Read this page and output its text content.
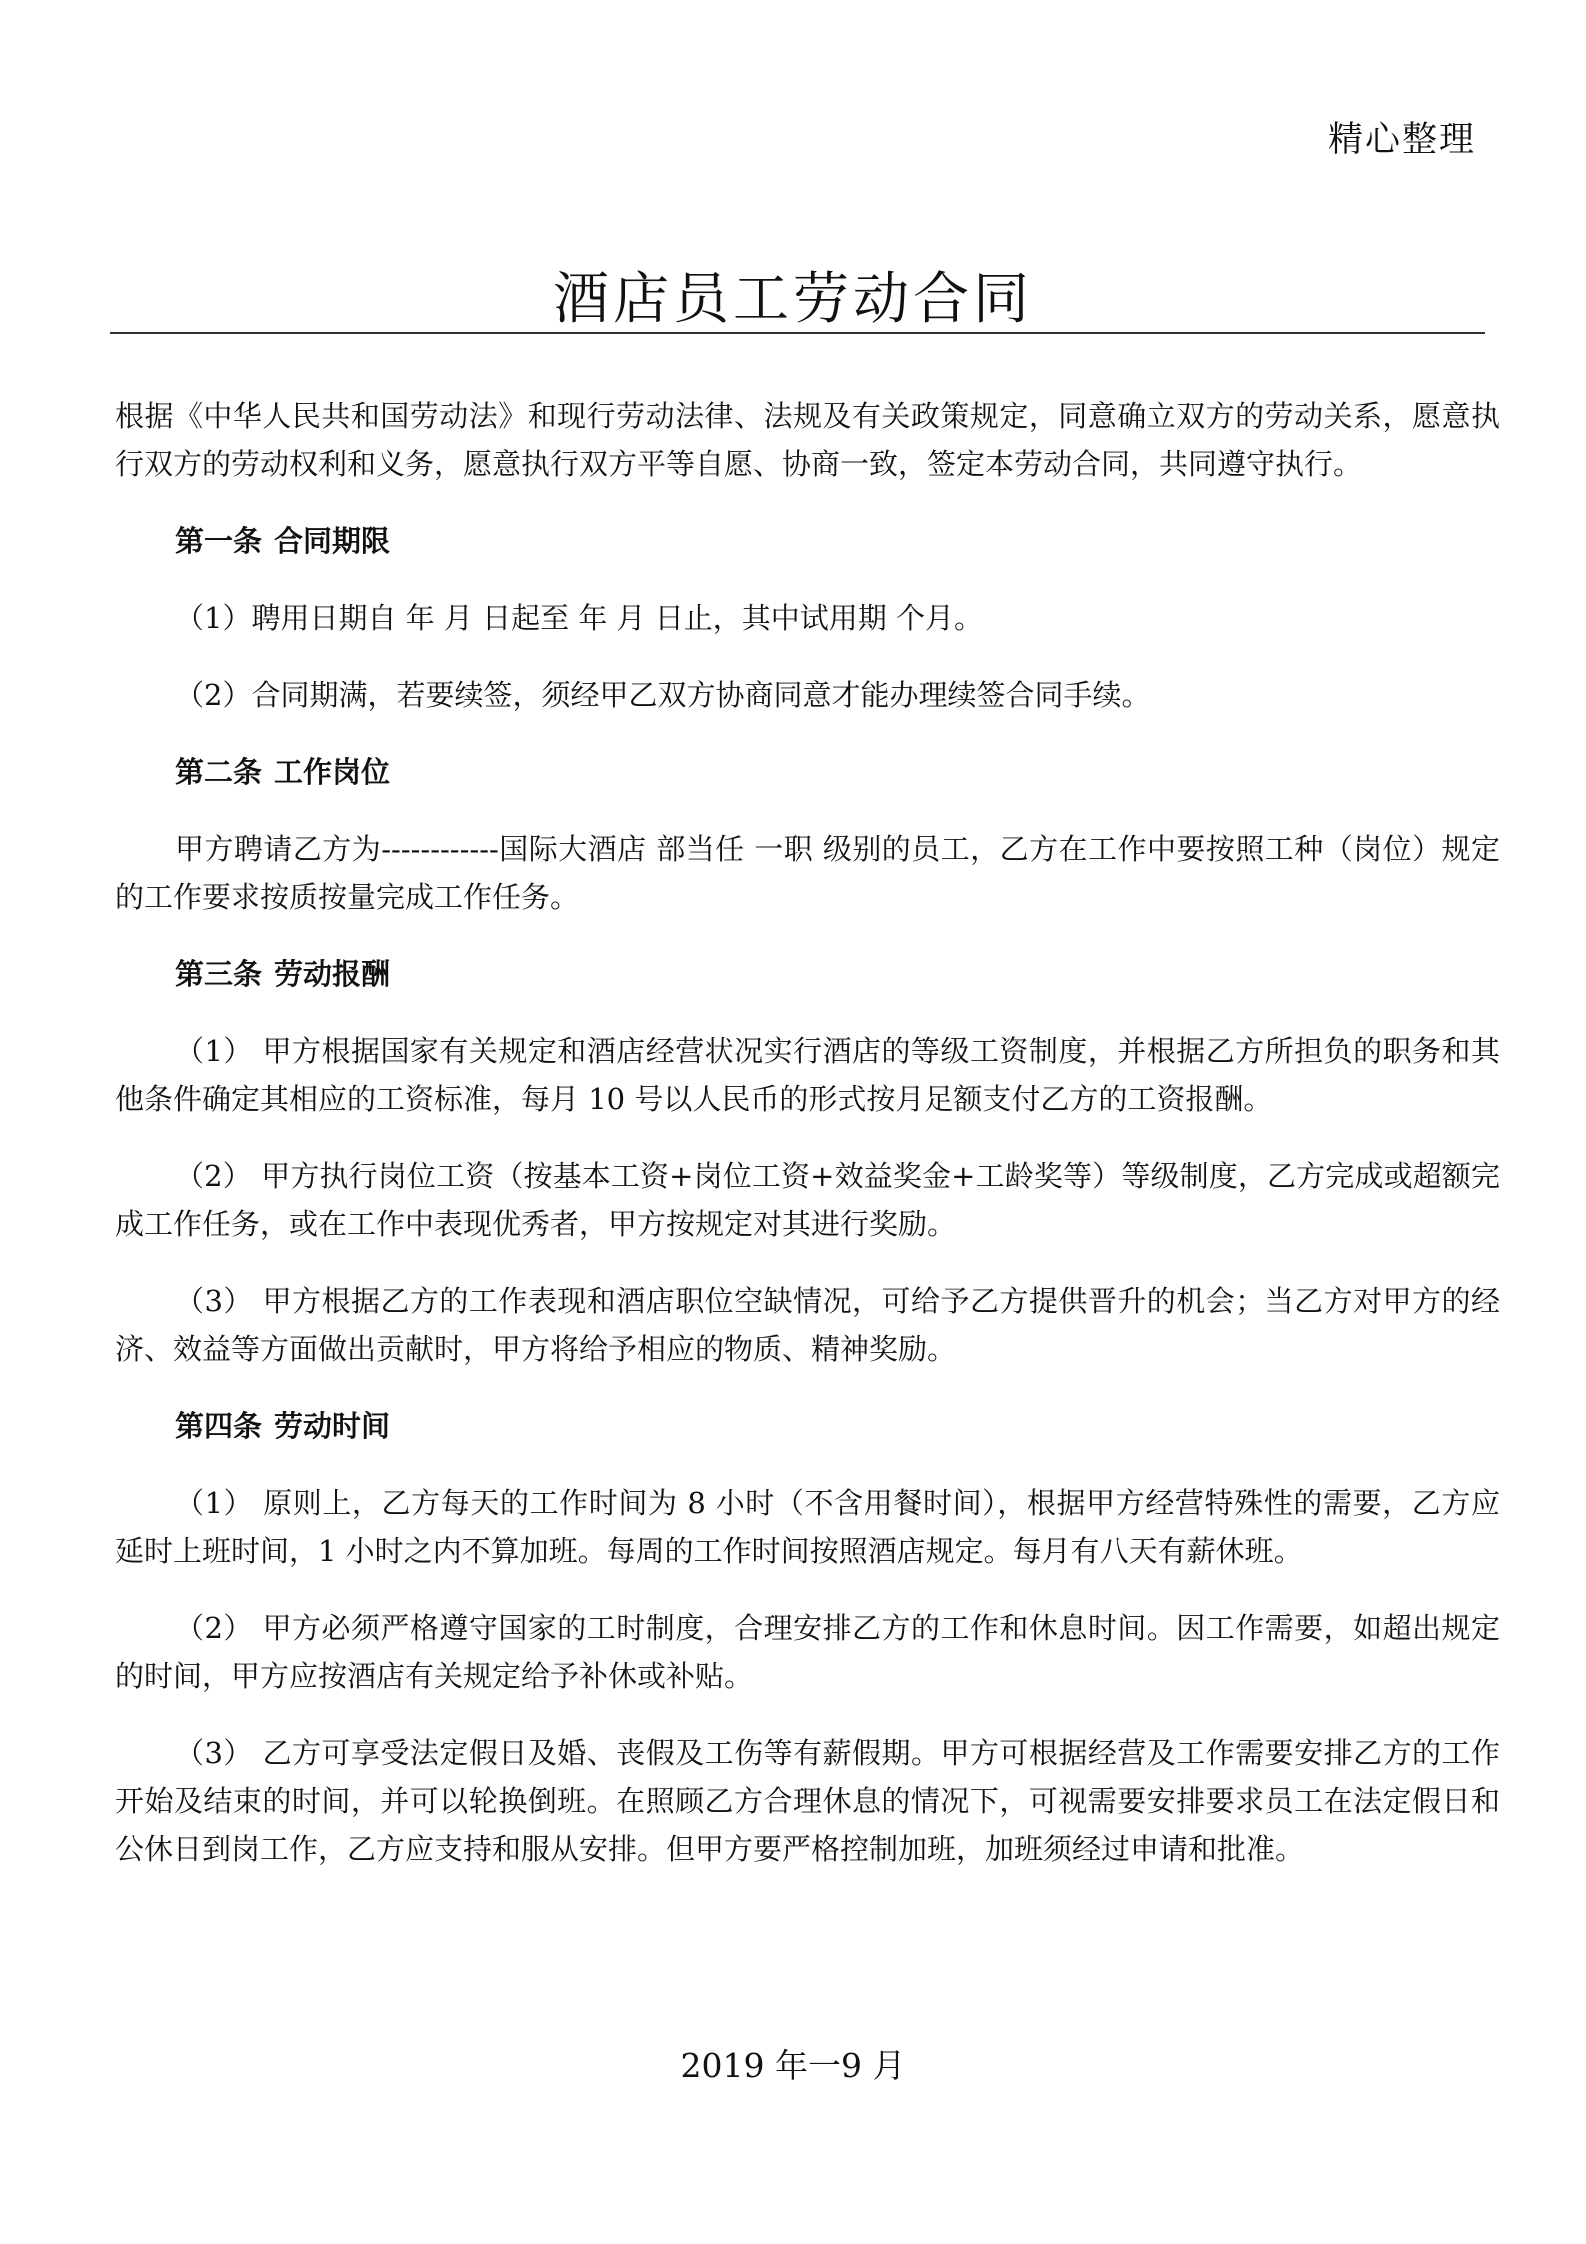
精心整理
酒店员工劳动合同

根据《中华人民共和国劳动法》和现行劳动法律、法规及有关政策规定，同意确立双方的劳动关系，愿意执行双方的劳动权利和义务，愿意执行双方平等自愿、协商一致，签定本劳动合同，共同遵守执行。

第一条 合同期限

（1）聘用日期自 年 月 日起至 年 月 日止，其中试用期 个月。

（2）合同期满，若要续签，须经甲乙双方协商同意才能办理续签合同手续。

第二条 工作岗位

甲方聘请乙方为------------国际大酒店 部当任 一职 级别的员工，乙方在工作中要按照工种（岗位）规定的工作要求按质按量完成工作任务。

第三条 劳动报酬

（1） 甲方根据国家有关规定和酒店经营状况实行酒店的等级工资制度，并根据乙方所担负的职务和其他条件确定其相应的工资标准，每月 10 号以人民币的形式按月足额支付乙方的工资报酬。

（2） 甲方执行岗位工资（按基本工资+岗位工资+效益奖金+工龄奖等）等级制度，乙方完成或超额完成工作任务，或在工作中表现优秀者，甲方按规定对其进行奖励。

（3） 甲方根据乙方的工作表现和酒店职位空缺情况，可给予乙方提供晋升的机会；当乙方对甲方的经济、效益等方面做出贡献时，甲方将给予相应的物质、精神奖励。

第四条 劳动时间

（1） 原则上，乙方每天的工作时间为 8 小时（不含用餐时间），根据甲方经营特殊性的需要，乙方应延时上班时间，1 小时之内不算加班。每周的工作时间按照酒店规定。每月有八天有薪休班。

（2） 甲方必须严格遵守国家的工时制度，合理安排乙方的工作和休息时间。因工作需要，如超出规定的时间，甲方应按酒店有关规定给予补休或补贴。

（3） 乙方可享受法定假日及婚、丧假及工伤等有薪假期。甲方可根据经营及工作需要安排乙方的工作开始及结束的时间，并可以轮换倒班。在照顾乙方合理休息的情况下，可视需要安排要求员工在法定假日和公休日到岗工作，乙方应支持和服从安排。但甲方要严格控制加班，加班须经过申请和批准。

2019 年一9 月
